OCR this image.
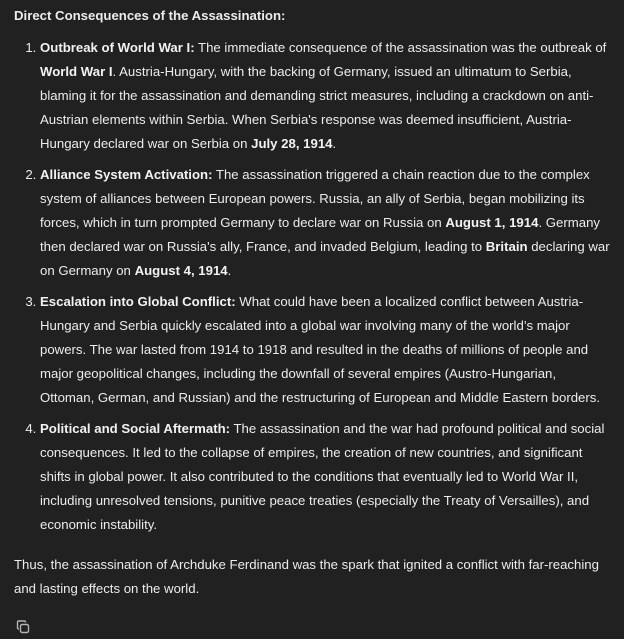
Direct Consequences of the Assassination:
1. Outbreak of World War I: The immediate consequence of the assassination was the outbreak of World War I. Austria-Hungary, with the backing of Germany, issued an ultimatum to Serbia, blaming it for the assassination and demanding strict measures, including a crackdown on anti-Austrian elements within Serbia. When Serbia's response was deemed insufficient, Austria-Hungary declared war on Serbia on July 28, 1914.
2. Alliance System Activation: The assassination triggered a chain reaction due to the complex system of alliances between European powers. Russia, an ally of Serbia, began mobilizing its forces, which in turn prompted Germany to declare war on Russia on August 1, 1914. Germany then declared war on Russia's ally, France, and invaded Belgium, leading to Britain declaring war on Germany on August 4, 1914.
3. Escalation into Global Conflict: What could have been a localized conflict between Austria-Hungary and Serbia quickly escalated into a global war involving many of the world’s major powers. The war lasted from 1914 to 1918 and resulted in the deaths of millions of people and major geopolitical changes, including the downfall of several empires (Austro-Hungarian, Ottoman, German, and Russian) and the restructuring of European and Middle Eastern borders.
4. Political and Social Aftermath: The assassination and the war had profound political and social consequences. It led to the collapse of empires, the creation of new countries, and significant shifts in global power. It also contributed to the conditions that eventually led to World War II, including unresolved tensions, punitive peace treaties (especially the Treaty of Versailles), and economic instability.
Thus, the assassination of Archduke Ferdinand was the spark that ignited a conflict with far-reaching and lasting effects on the world.
